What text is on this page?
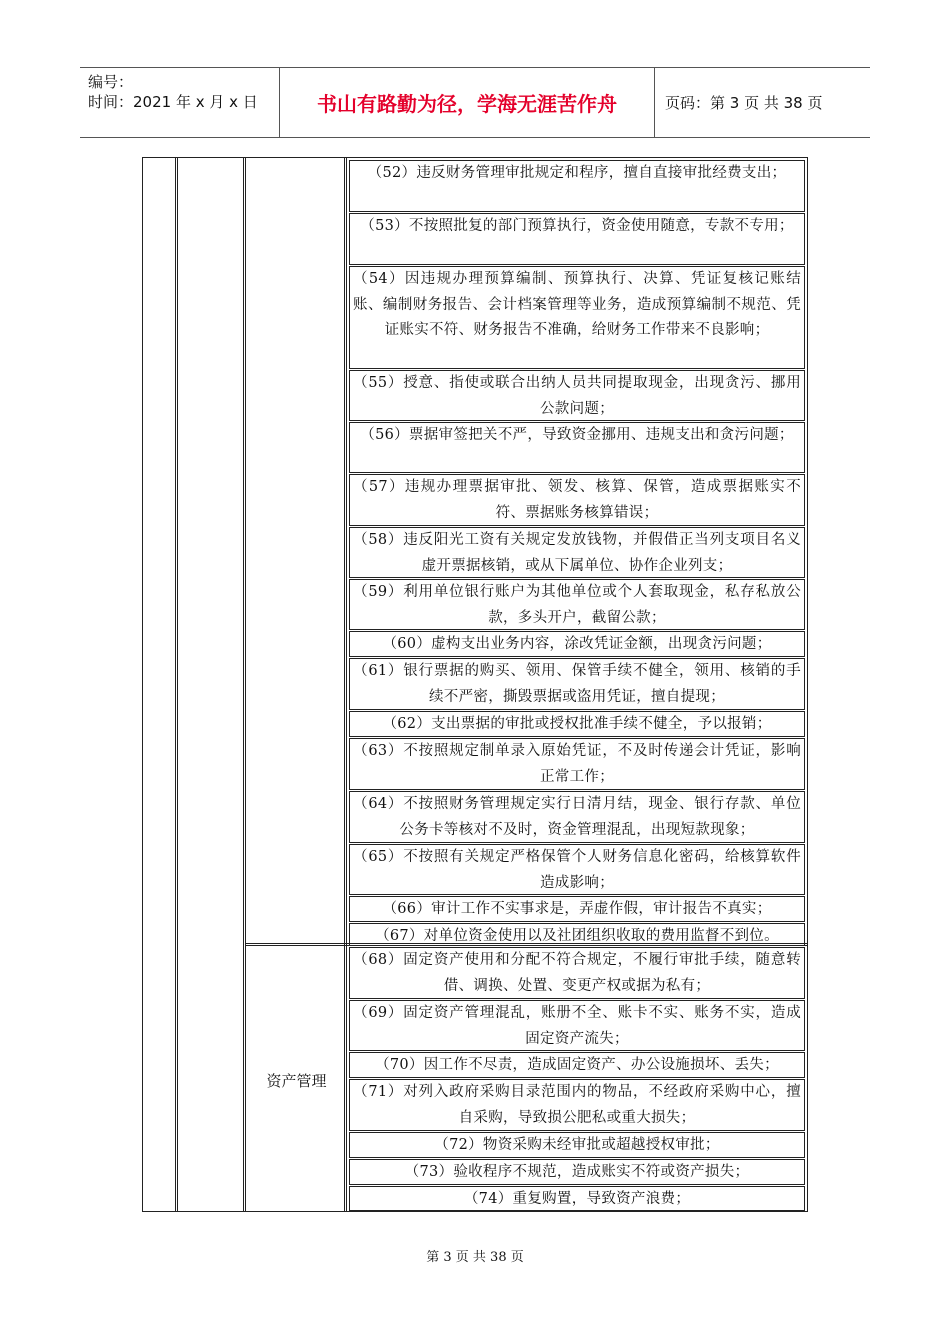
编号：
时间：2021 年 x 月 x 日	书山有路勤为径，学海无涯苦作舟	页码：第 3 页 共 38 页
资产管理
（52）违反财务管理审批规定和程序，擅自直接审批经费支出；
（53）不按照批复的部门预算执行，资金使用随意，专款不专用；
（54）因违规办理预算编制、预算执行、决算、凭证复核记账结账、编制财务报告、会计档案管理等业务，造成预算编制不规范、凭证账实不符、财务报告不准确，给财务工作带来不良影响；
（55）授意、指使或联合出纳人员共同提取现金，出现贪污、挪用公款问题；
（56）票据审签把关不严，导致资金挪用、违规支出和贪污问题；
（57）违规办理票据审批、领发、核算、保管，造成票据账实不符、票据账务核算错误；
（58）违反阳光工资有关规定发放钱物，并假借正当列支项目名义虚开票据核销，或从下属单位、协作企业列支；
（59）利用单位银行账户为其他单位或个人套取现金，私存私放公款，多头开户，截留公款；
（60）虚构支出业务内容，涂改凭证金额，出现贪污问题；
（61）银行票据的购买、领用、保管手续不健全，领用、核销的手续不严密，撕毁票据或盗用凭证，擅自提现；
（62）支出票据的审批或授权批准手续不健全，予以报销；
（63）不按照规定制单录入原始凭证，不及时传递会计凭证，影响正常工作；
（64）不按照财务管理规定实行日清月结，现金、银行存款、单位公务卡等核对不及时，资金管理混乱，出现短款现象；
（65）不按照有关规定严格保管个人财务信息化密码，给核算软件造成影响；
（66）审计工作不实事求是，弄虚作假，审计报告不真实；
（67）对单位资金使用以及社团组织收取的费用监督不到位。
（68）固定资产使用和分配不符合规定，不履行审批手续，随意转借、调换、处置、变更产权或据为私有；
（69）固定资产管理混乱，账册不全、账卡不实、账务不实，造成固定资产流失；
（70）因工作不尽责，造成固定资产、办公设施损坏、丢失；
（71）对列入政府采购目录范围内的物品，不经政府采购中心，擅自采购，导致损公肥私或重大损失；
（72）物资采购未经审批或超越授权审批；
（73）验收程序不规范，造成账实不符或资产损失；
（74）重复购置，导致资产浪费；
第 3 页 共 38 页
